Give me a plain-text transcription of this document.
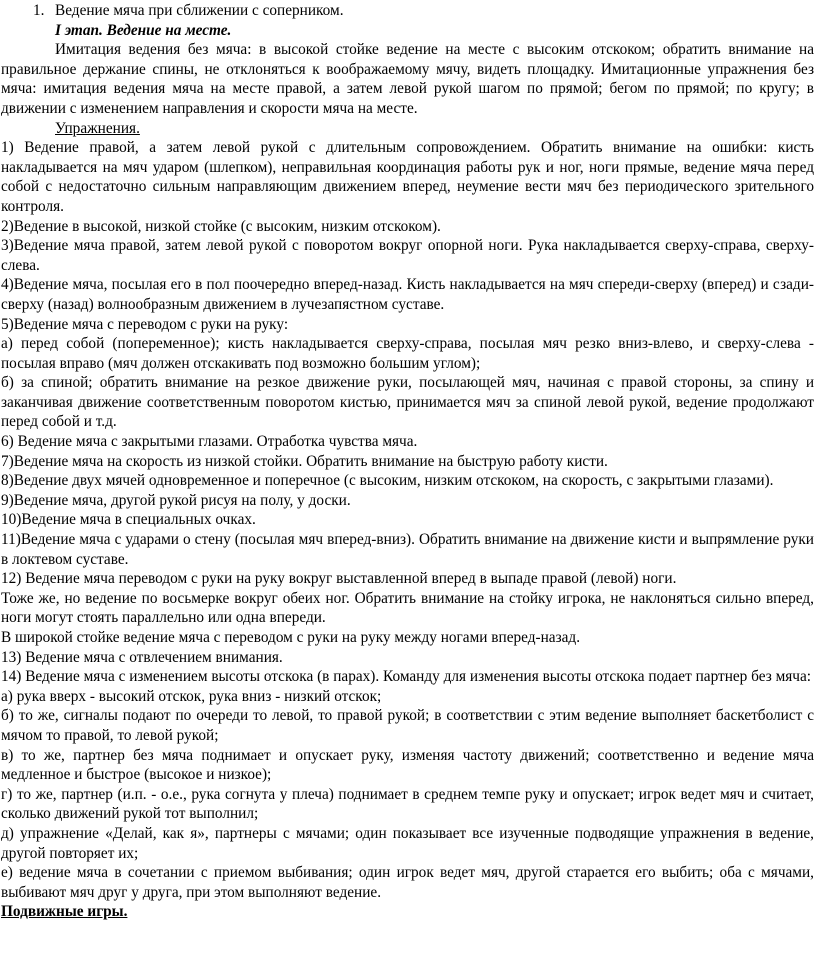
1. Ведение мяча при сближении с соперником.
I этап. Ведение на месте.
Имитация ведения без мяча: в высокой стойке ведение на месте с высоким отскоком; обратить внимание на правильное держание спины, не отклоняться к воображаемому мячу, видеть площадку. Имитационные упражнения без мяча: имитация ведения мяча на месте правой, а затем левой рукой шагом по прямой; бегом по прямой; по кругу; в движении с изменением направления и скорости мяча на месте.
Упражнения.
1) Ведение правой, а затем левой рукой с длительным сопровождением. Обратить внимание на ошибки: кисть накладывается на мяч ударом (шлепком), неправильная координация работы рук и ног, ноги прямые, ведение мяча перед собой с недостаточно сильным направляющим движением вперед, неумение вести мяч без периодического зрительного контроля.
2)Ведение в высокой, низкой стойке (с высоким, низким отскоком).
3)Ведение мяча правой, затем левой рукой с поворотом вокруг опорной ноги. Рука накладывается сверху-справа, сверху-слева.
4)Ведение мяча, посылая его в пол поочередно вперед-назад. Кисть накладывается на мяч спереди-сверху (вперед) и сзади-сверху (назад) волнообразным движением в лучезапястном суставе.
5)Ведение мяча с переводом с руки на руку:
а) перед собой (попеременное); кисть накладывается сверху-справа, посылая мяч резко вниз-влево, и сверху-слева - посылая вправо (мяч должен отскакивать под возможно большим углом);
б) за спиной; обратить внимание на резкое движение руки, посылающей мяч, начиная с правой стороны, за спину и заканчивая движение соответственным поворотом кистью, принимается мяч за спиной левой рукой, ведение продолжают перед собой и т.д.
6) Ведение мяча с закрытыми глазами. Отработка чувства мяча.
7)Ведение мяча на скорость из низкой стойки. Обратить внимание на быструю работу кисти.
8)Ведение двух мячей одновременное и поперечное (с высоким, низким отскоком, на скорость, с закрытыми глазами).
9)Ведение мяча, другой рукой рисуя на полу, у доски.
10)Ведение мяча в специальных очках.
11)Ведение мяча с ударами о стену (посылая мяч вперед-вниз). Обратить внимание на движение кисти и выпрямление руки в локтевом суставе.
12) Ведение мяча переводом с руки на руку вокруг выставленной вперед в выпаде правой (левой) ноги.
Тоже же, но ведение по восьмерке вокруг обеих ног. Обратить внимание на стойку игрока, не наклоняться сильно вперед, ноги могут стоять параллельно или одна впереди.
В широкой стойке ведение мяча с переводом с руки на руку между ногами вперед-назад.
13) Ведение мяча с отвлечением внимания.
14) Ведение мяча с изменением высоты отскока (в парах). Команду для изменения высоты отскока подает партнер без мяча:
а) рука вверх - высокий отскок, рука вниз - низкий отскок;
б) то же, сигналы подают по очереди то левой, то правой рукой; в соответствии с этим ведение выполняет баскетболист с мячом то правой, то левой рукой;
в) то же, партнер без мяча поднимает и опускает руку, изменяя частоту движений; соответственно и ведение мяча медленное и быстрое (высокое и низкое);
г) то же, партнер (и.п. - о.е., рука согнута у плеча) поднимает в среднем темпе руку и опускает; игрок ведет мяч и считает, сколько движений рукой тот выполнил;
д) упражнение «Делай, как я», партнеры с мячами; один показывает все изученные подводящие упражнения в ведение, другой повторяет их;
е) ведение мяча в сочетании с приемом выбивания; один игрок ведет мяч, другой старается его выбить; оба с мячами, выбивают мяч друг у друга, при этом выполняют ведение.
Подвижные игры.
